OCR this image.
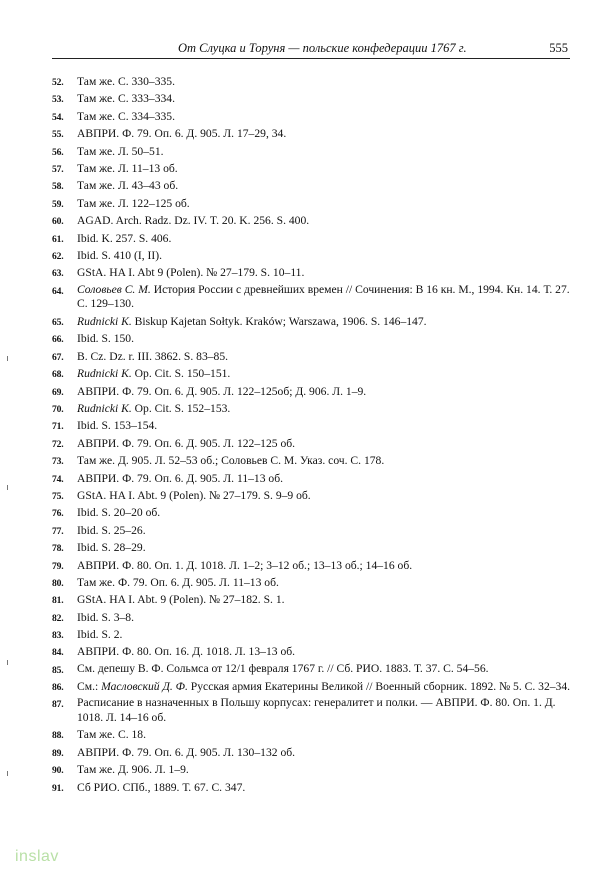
От Слуцка и Торуня — польские конфедерации 1767 г.	555
52. Там же. С. 330–335.
53. Там же. С. 333–334.
54. Там же. С. 334–335.
55. АВПРИ. Ф. 79. Оп. 6. Д. 905. Л. 17–29, 34.
56. Там же. Л. 50–51.
57. Там же. Л. 11–13 об.
58. Там же. Л. 43–43 об.
59. Там же. Л. 122–125 об.
60. AGAD. Arch. Radz. Dz. IV. T. 20. K. 256. S. 400.
61. Ibid. K. 257. S. 406.
62. Ibid. S. 410 (I, II).
63. GStA. HA I. Abt 9 (Polen). № 27–179. S. 10–11.
64. Соловьев С. М. История России с древнейших времен // Сочинения: В 16 кн. М., 1994. Кн. 14. Т. 27. С. 129–130.
65. Rudnicki K. Biskup Kajetan Sołtyk. Kraków; Warszawa, 1906. S. 146–147.
66. Ibid. S. 150.
67. B. Cz. Dz. r. III. 3862. S. 83–85.
68. Rudnicki K. Op. Cit. S. 150–151.
69. АВПРИ. Ф. 79. Оп. 6. Д. 905. Л. 122–125об; Д. 906. Л. 1–9.
70. Rudnicki K. Op. Cit. S. 152–153.
71. Ibid. S. 153–154.
72. АВПРИ. Ф. 79. Оп. 6. Д. 905. Л. 122–125 об.
73. Там же. Д. 905. Л. 52–53 об.; Соловьев С. М. Указ. соч. С. 178.
74. АВПРИ. Ф. 79. Оп. 6. Д. 905. Л. 11–13 об.
75. GStA. HA I. Abt. 9 (Polen). № 27–179. S. 9–9 об.
76. Ibid. S. 20–20 об.
77. Ibid. S. 25–26.
78. Ibid. S. 28–29.
79. АВПРИ. Ф. 80. Оп. 1. Д. 1018. Л. 1–2; 3–12 об.; 13–13 об.; 14–16 об.
80. Там же. Ф. 79. Оп. 6. Д. 905. Л. 11–13 об.
81. GStA. HA I. Abt. 9 (Polen). № 27–182. S. 1.
82. Ibid. S. 3–8.
83. Ibid. S. 2.
84. АВПРИ. Ф. 80. Оп. 16. Д. 1018. Л. 13–13 об.
85. См. депешу В. Ф. Сольмса от 12/1 февраля 1767 г. // Сб. РИО. 1883. Т. 37. С. 54–56.
86. См.: Масловский Д. Ф. Русская армия Екатерины Великой // Военный сборник. 1892. № 5. С. 32–34.
87. Расписание в назначенных в Польшу корпусах: генералитет и полки. — АВПРИ. Ф. 80. Оп. 1. Д. 1018. Л. 14–16 об.
88. Там же. С. 18.
89. АВПРИ. Ф. 79. Оп. 6. Д. 905. Л. 130–132 об.
90. Там же. Д. 906. Л. 1–9.
91. Сб РИО. СПб., 1889. Т. 67. С. 347.
inslav
